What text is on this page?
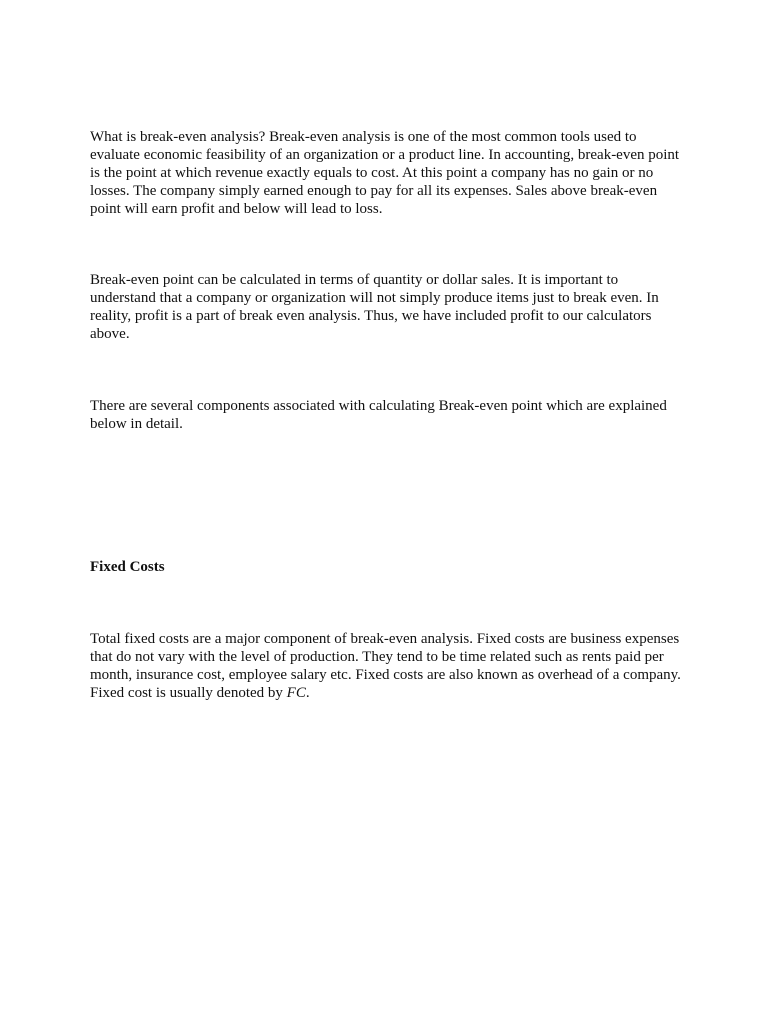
What is break-even analysis? Break-even analysis is one of the most common tools used to evaluate economic feasibility of an organization or a product line. In accounting, break-even point is the point at which revenue exactly equals to cost. At this point a company has no gain or no losses. The company simply earned enough to pay for all its expenses. Sales above break-even point will earn profit and below will lead to loss.

Break-even point can be calculated in terms of quantity or dollar sales. It is important to understand that a company or organization will not simply produce items just to break even. In reality, profit is a part of break even analysis. Thus, we have included profit to our calculators above.

There are several components associated with calculating Break-even point which are explained below in detail.

Fixed Costs

Total fixed costs are a major component of break-even analysis. Fixed costs are business expenses that do not vary with the level of production. They tend to be time related such as rents paid per month, insurance cost, employee salary etc. Fixed costs are also known as overhead of a company. Fixed cost is usually denoted by FC.
